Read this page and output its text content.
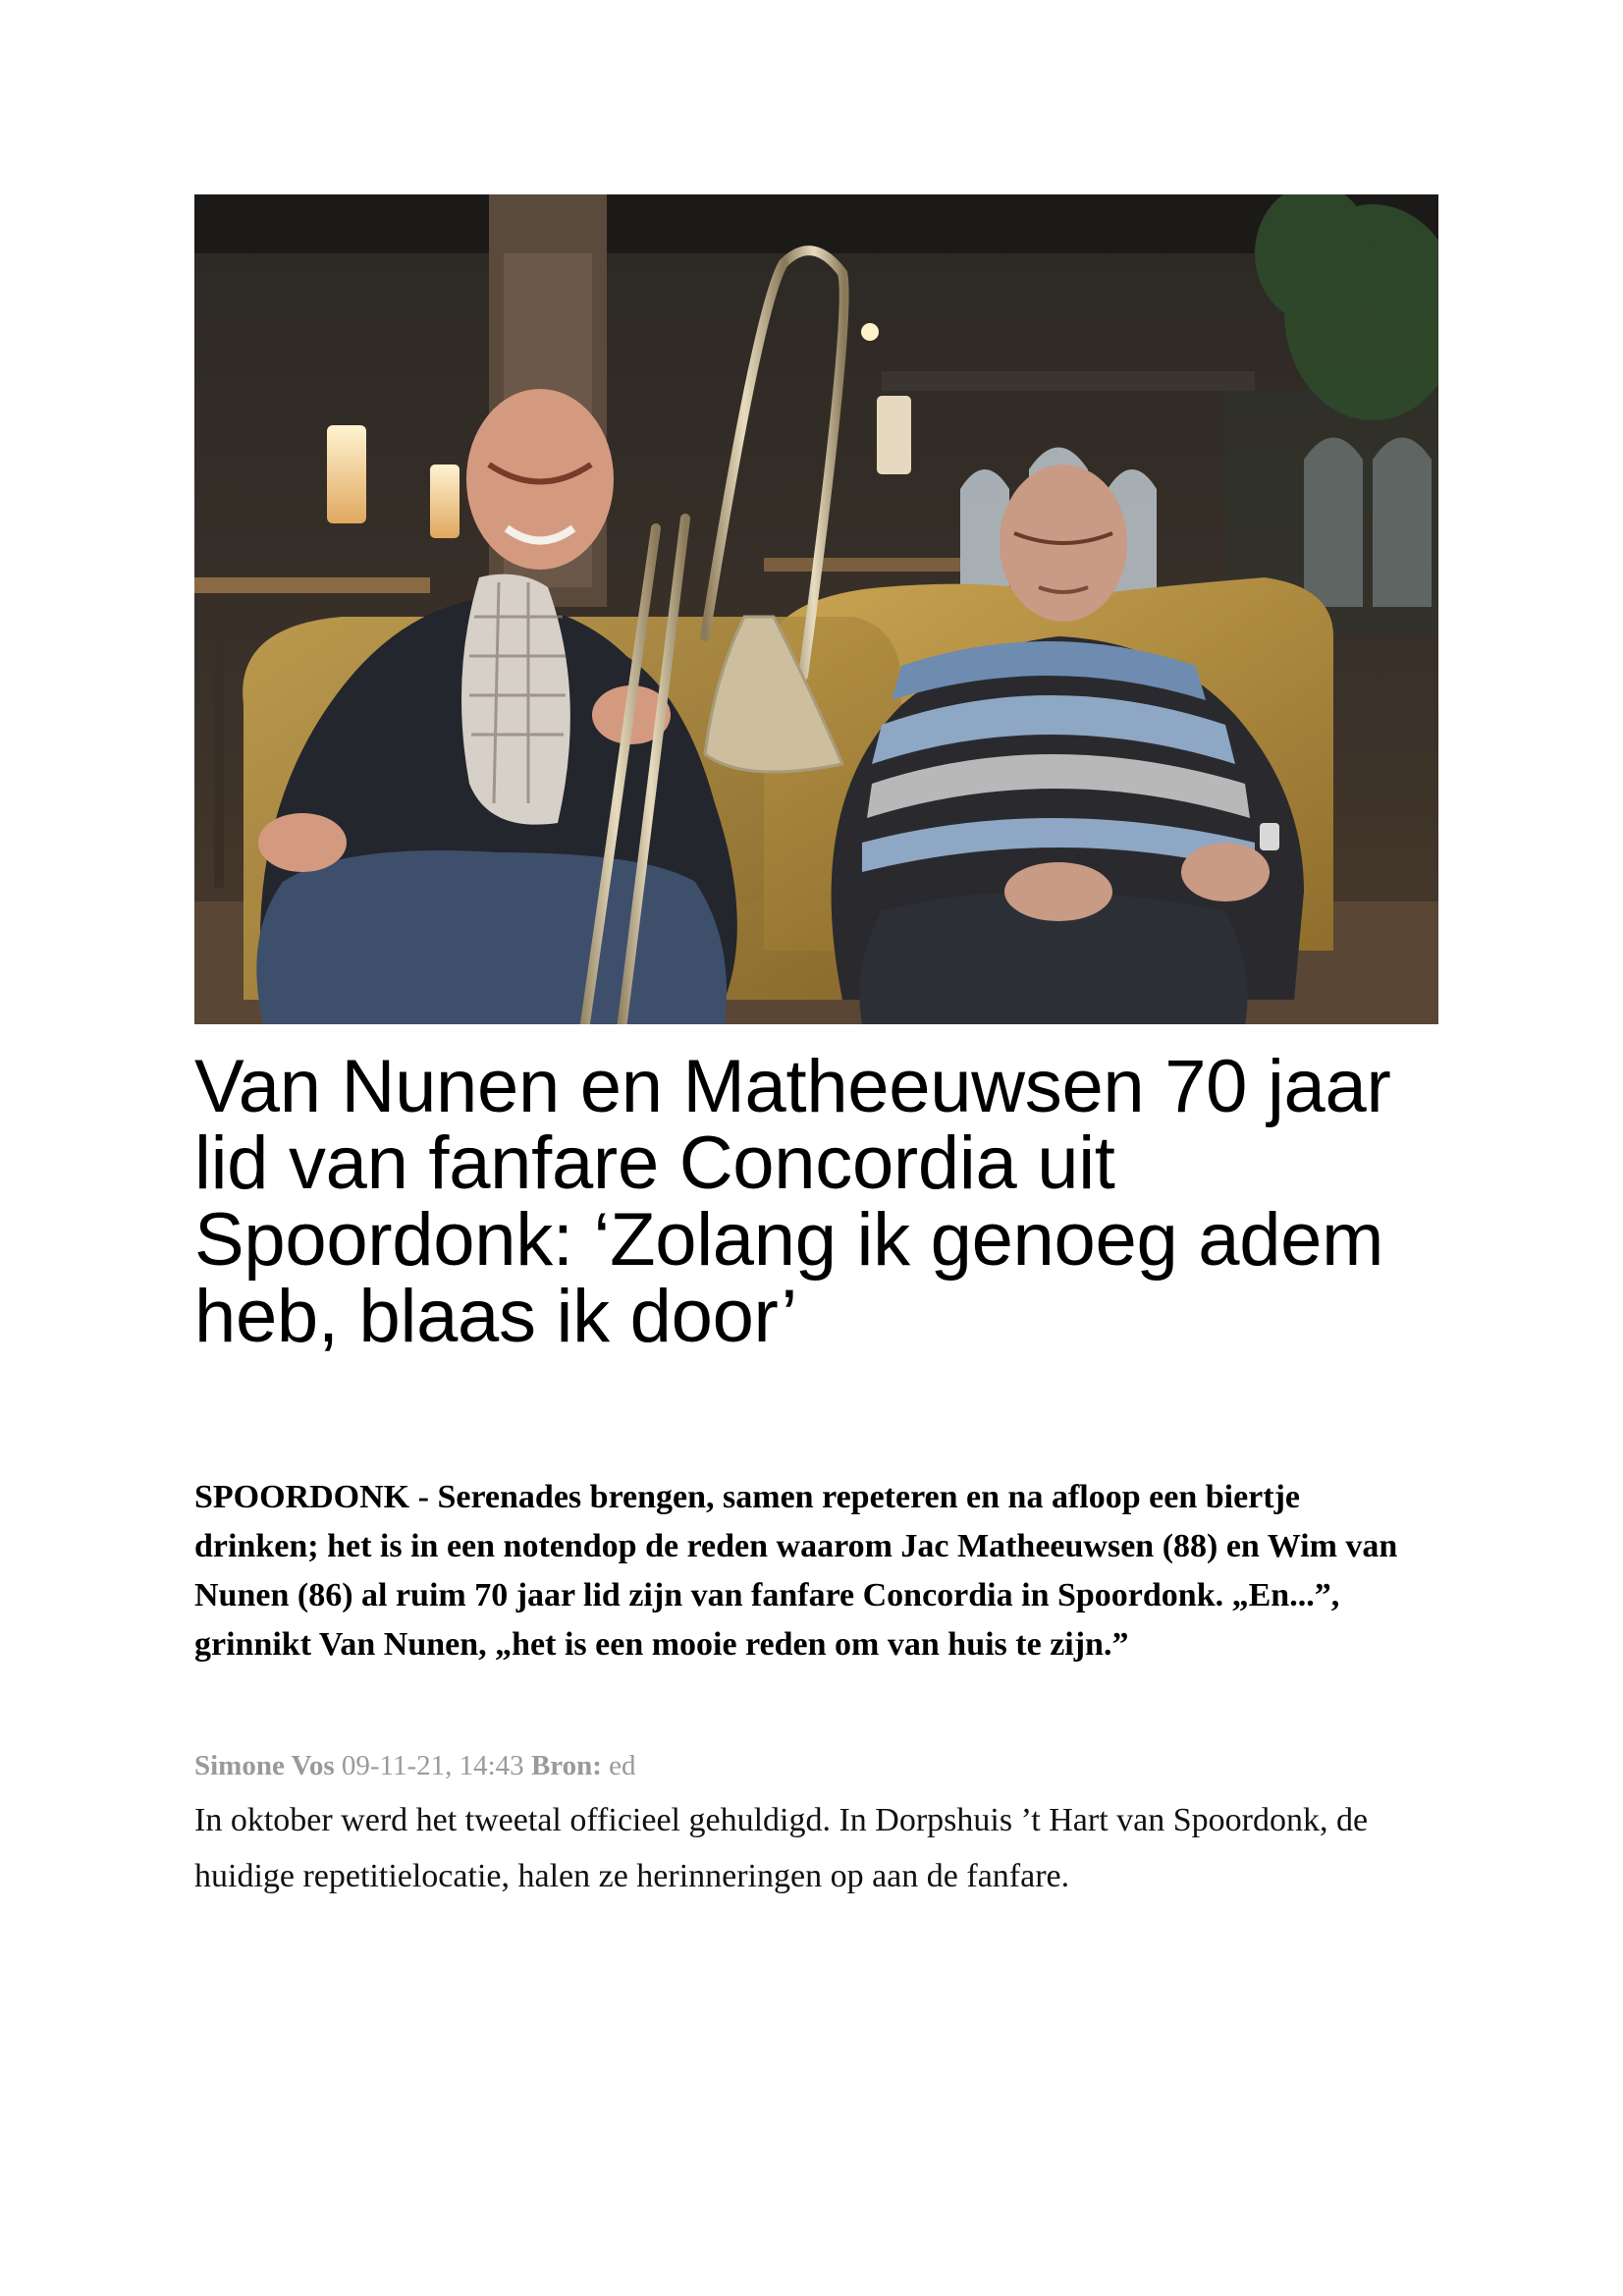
Van Nunen en Matheeuwsen 70 jaar lid van fanfare Concordia uit Spoordonk: ‘Zolang ik genoeg adem heb, blaas ik door’

SPOORDONK - Serenades brengen, samen repeteren en na afloop een biertje drinken; het is in een notendop de reden waarom Jac Matheeuwsen (88) en Wim van Nunen (86) al ruim 70 jaar lid zijn van fanfare Concordia in Spoordonk. „En...”, grinnikt Van Nunen, „het is een mooie reden om van huis te zijn.”

Simone Vos 09-11-21, 14:43 Bron: ed

In oktober werd het tweetal officieel gehuldigd. In Dorpshuis ’t Hart van Spoordonk, de huidige repetitielocatie, halen ze herinneringen op aan de fanfare.
